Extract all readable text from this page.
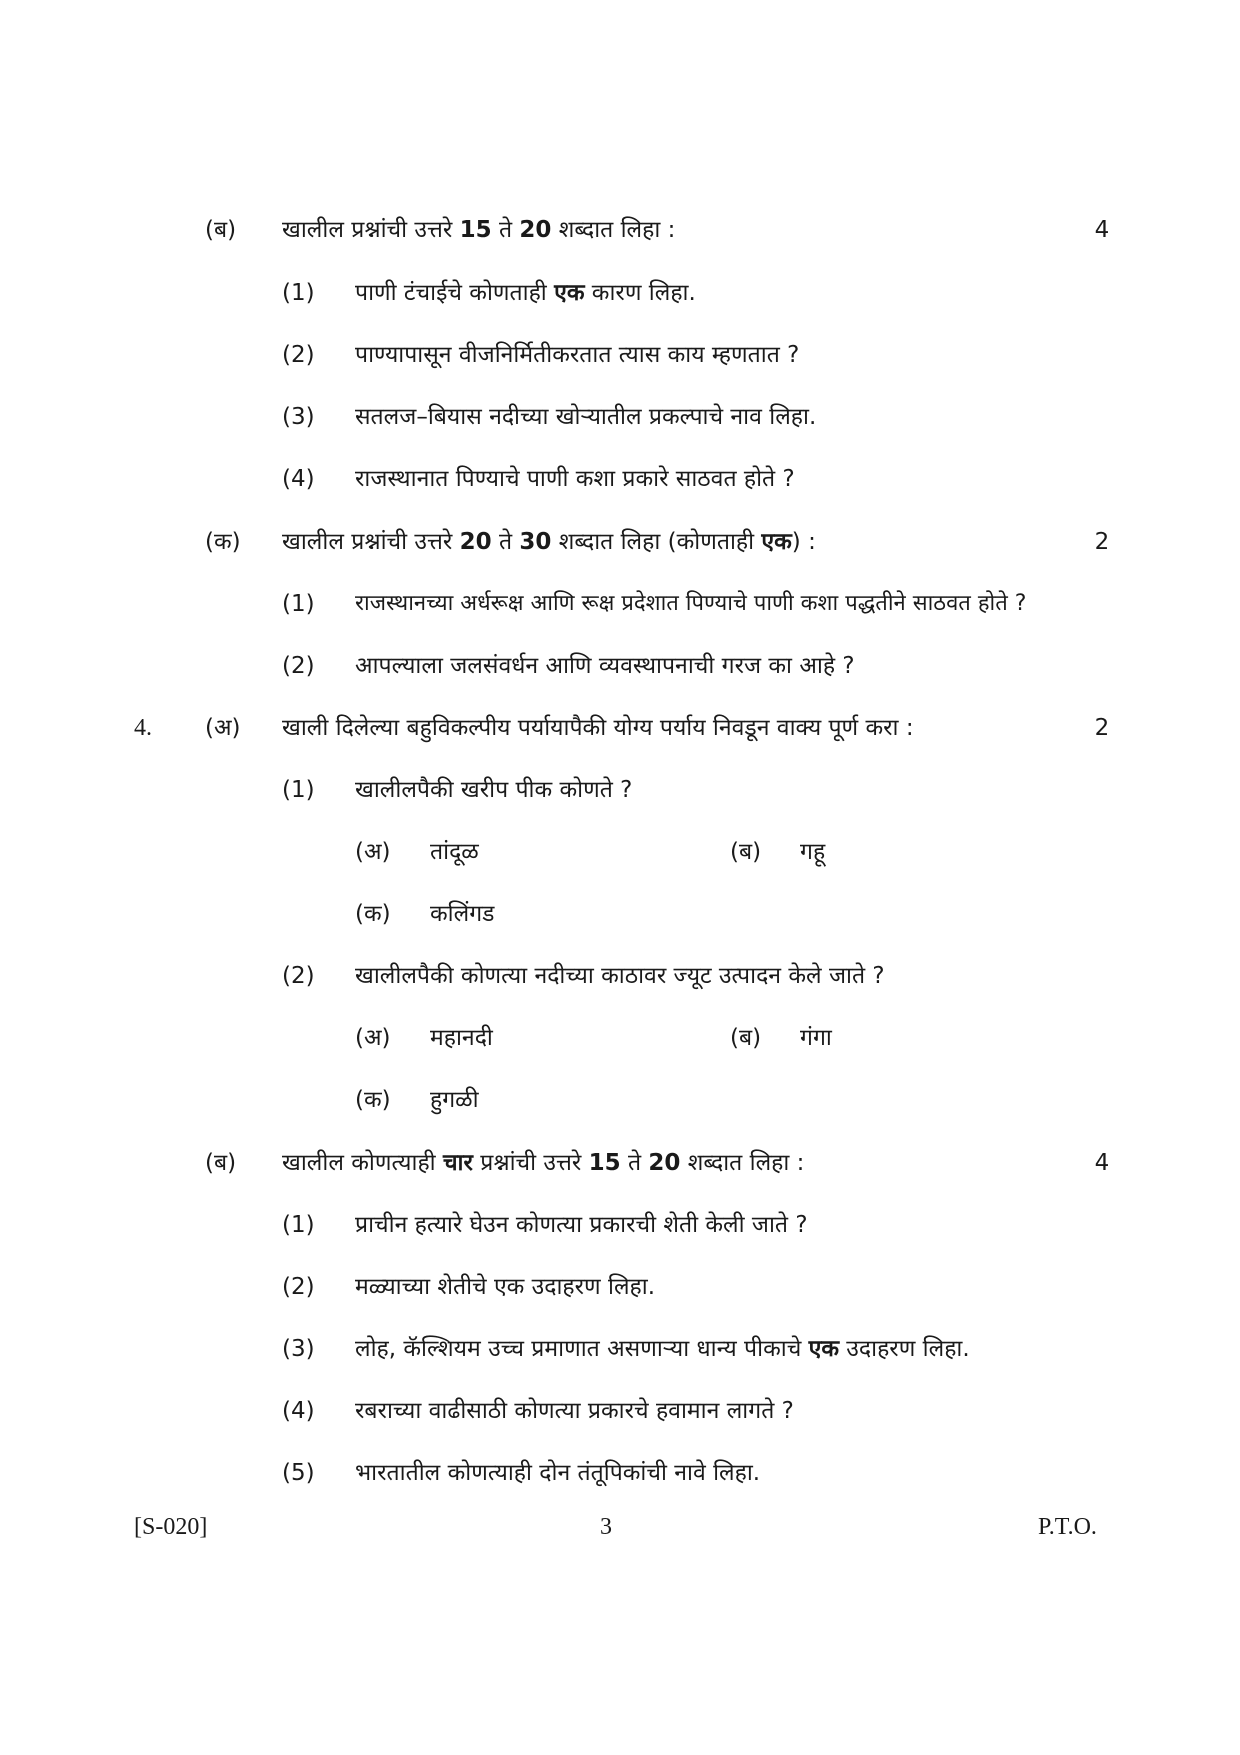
(ब) खालील प्रश्नांची उत्तरे 15 ते 20 शब्दात लिहा :	4
(1) पाणी टंचाईचे कोणताही एक कारण लिहा.
(2) पाण्यापासून वीजनिर्मितीकरतात त्यास काय म्हणतात ?
(3) सतलज–बियास नदीच्या खोऱ्यातील प्रकल्पाचे नाव लिहा.
(4) राजस्थानात पिण्याचे पाणी कशा प्रकारे साठवत होते ?
(क) खालील प्रश्नांची उत्तरे 20 ते 30 शब्दात लिहा (कोणताही एक) :	2
(1) राजस्थानच्या अर्धरूक्ष आणि रूक्ष प्रदेशात पिण्याचे पाणी कशा पद्धतीने साठवत होते ?
(2) आपल्याला जलसंवर्धन आणि व्यवस्थापनाची गरज का आहे ?
4. (अ) खाली दिलेल्या बहुविकल्पीय पर्यायापैकी योग्य पर्याय निवडून वाक्य पूर्ण करा :	2
(1) खालीलपैकी खरीप पीक कोणते ?
(अ) तांदूळ	(ब) गहू
(क) कलिंगड
(2) खालीलपैकी कोणत्या नदीच्या काठावर ज्यूट उत्पादन केले जाते ?
(अ) महानदी	(ब) गंगा
(क) हुगळी
(ब) खालील कोणत्याही चार प्रश्नांची उत्तरे 15 ते 20 शब्दात लिहा :	4
(1) प्राचीन हत्यारे घेउन कोणत्या प्रकारची शेती केली जाते ?
(2) मळ्याच्या शेतीचे एक उदाहरण लिहा.
(3) लोह, कॅल्शियम उच्च प्रमाणात असणाऱ्या धान्य पीकाचे एक उदाहरण लिहा.
(4) रबराच्या वाढीसाठी कोणत्या प्रकारचे हवामान लागते ?
(5) भारतातील कोणत्याही दोन तंतूपिकांची नावे लिहा.
[S-020]	3	P.T.O.
